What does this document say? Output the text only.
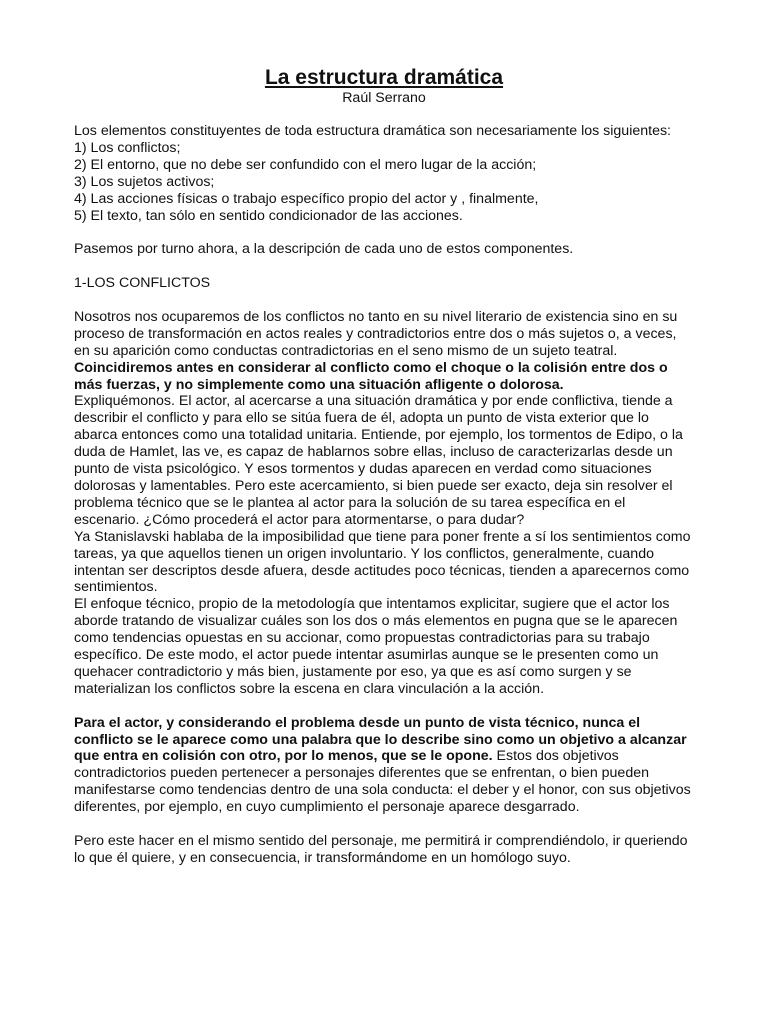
La estructura dramática

Raúl Serrano

Los elementos constituyentes de toda estructura dramática son necesariamente los siguientes:

1) Los conflictos;
2) El entorno, que no debe ser confundido con el mero lugar de la acción;
3) Los sujetos activos;
4) Las acciones físicas o trabajo específico propio del actor y , finalmente,
5) El texto, tan sólo en sentido condicionador de las acciones.

Pasemos por turno ahora, a la descripción de cada uno de estos componentes.

1-LOS CONFLICTOS

Nosotros nos ocuparemos de los conflictos no tanto en su nivel literario de existencia sino en su proceso de transformación en actos reales y contradictorios entre dos o más sujetos o, a veces, en su aparición como conductas contradictorias en el seno mismo de un sujeto teatral.

Coincidiremos antes en considerar al conflicto como el choque o la colisión entre dos o más fuerzas, y no simplemente como una situación afligente o dolorosa.

Expliquémonos. El actor, al acercarse a una situación dramática y por ende conflictiva, tiende a describir el conflicto y para ello se sitúa fuera de él, adopta un punto de vista exterior que lo abarca entonces como una totalidad unitaria. Entiende, por ejemplo, los tormentos de Edipo, o la duda de Hamlet, las ve, es capaz de hablarnos sobre ellas, incluso de caracterizarlas desde un punto de vista psicológico. Y esos tormentos y dudas aparecen en verdad como situaciones dolorosas y lamentables. Pero este acercamiento, si bien puede ser exacto, deja sin resolver el problema técnico que se le plantea al actor para la solución de su tarea específica en el escenario. ¿Cómo procederá el actor para atormentarse, o para dudar?

Ya Stanislavski hablaba de la imposibilidad que tiene para poner frente a sí los sentimientos como tareas, ya que aquellos tienen un origen involuntario. Y los conflictos, generalmente, cuando intentan ser descriptos desde afuera, desde actitudes poco técnicas, tienden a aparecernos como sentimientos.

El enfoque técnico, propio de la metodología que intentamos explicitar, sugiere que el actor los aborde tratando de visualizar cuáles son los dos o más elementos en pugna que se le aparecen como tendencias opuestas en su accionar, como propuestas contradictorias para su trabajo específico. De este modo, el actor puede intentar asumirlas aunque se le presenten como un quehacer contradictorio y más bien, justamente por eso, ya que es así como surgen y se materializan los conflictos sobre la escena en clara vinculación a la acción.

Para el actor, y considerando el problema desde un punto de vista técnico, nunca el conflicto se le aparece como una palabra que lo describe sino como un objetivo a alcanzar que entra en colisión con otro, por lo menos, que se le opone. Estos dos objetivos contradictorios pueden pertenecer a personajes diferentes que se enfrentan, o bien pueden manifestarse como tendencias dentro de una sola conducta: el deber y el honor, con sus objetivos diferentes, por ejemplo, en cuyo cumplimiento el personaje aparece desgarrado.

Pero este hacer en el mismo sentido del personaje, me permitirá ir comprendiéndolo, ir queriendo lo que él quiere, y en consecuencia, ir transformándome en un homólogo suyo.
